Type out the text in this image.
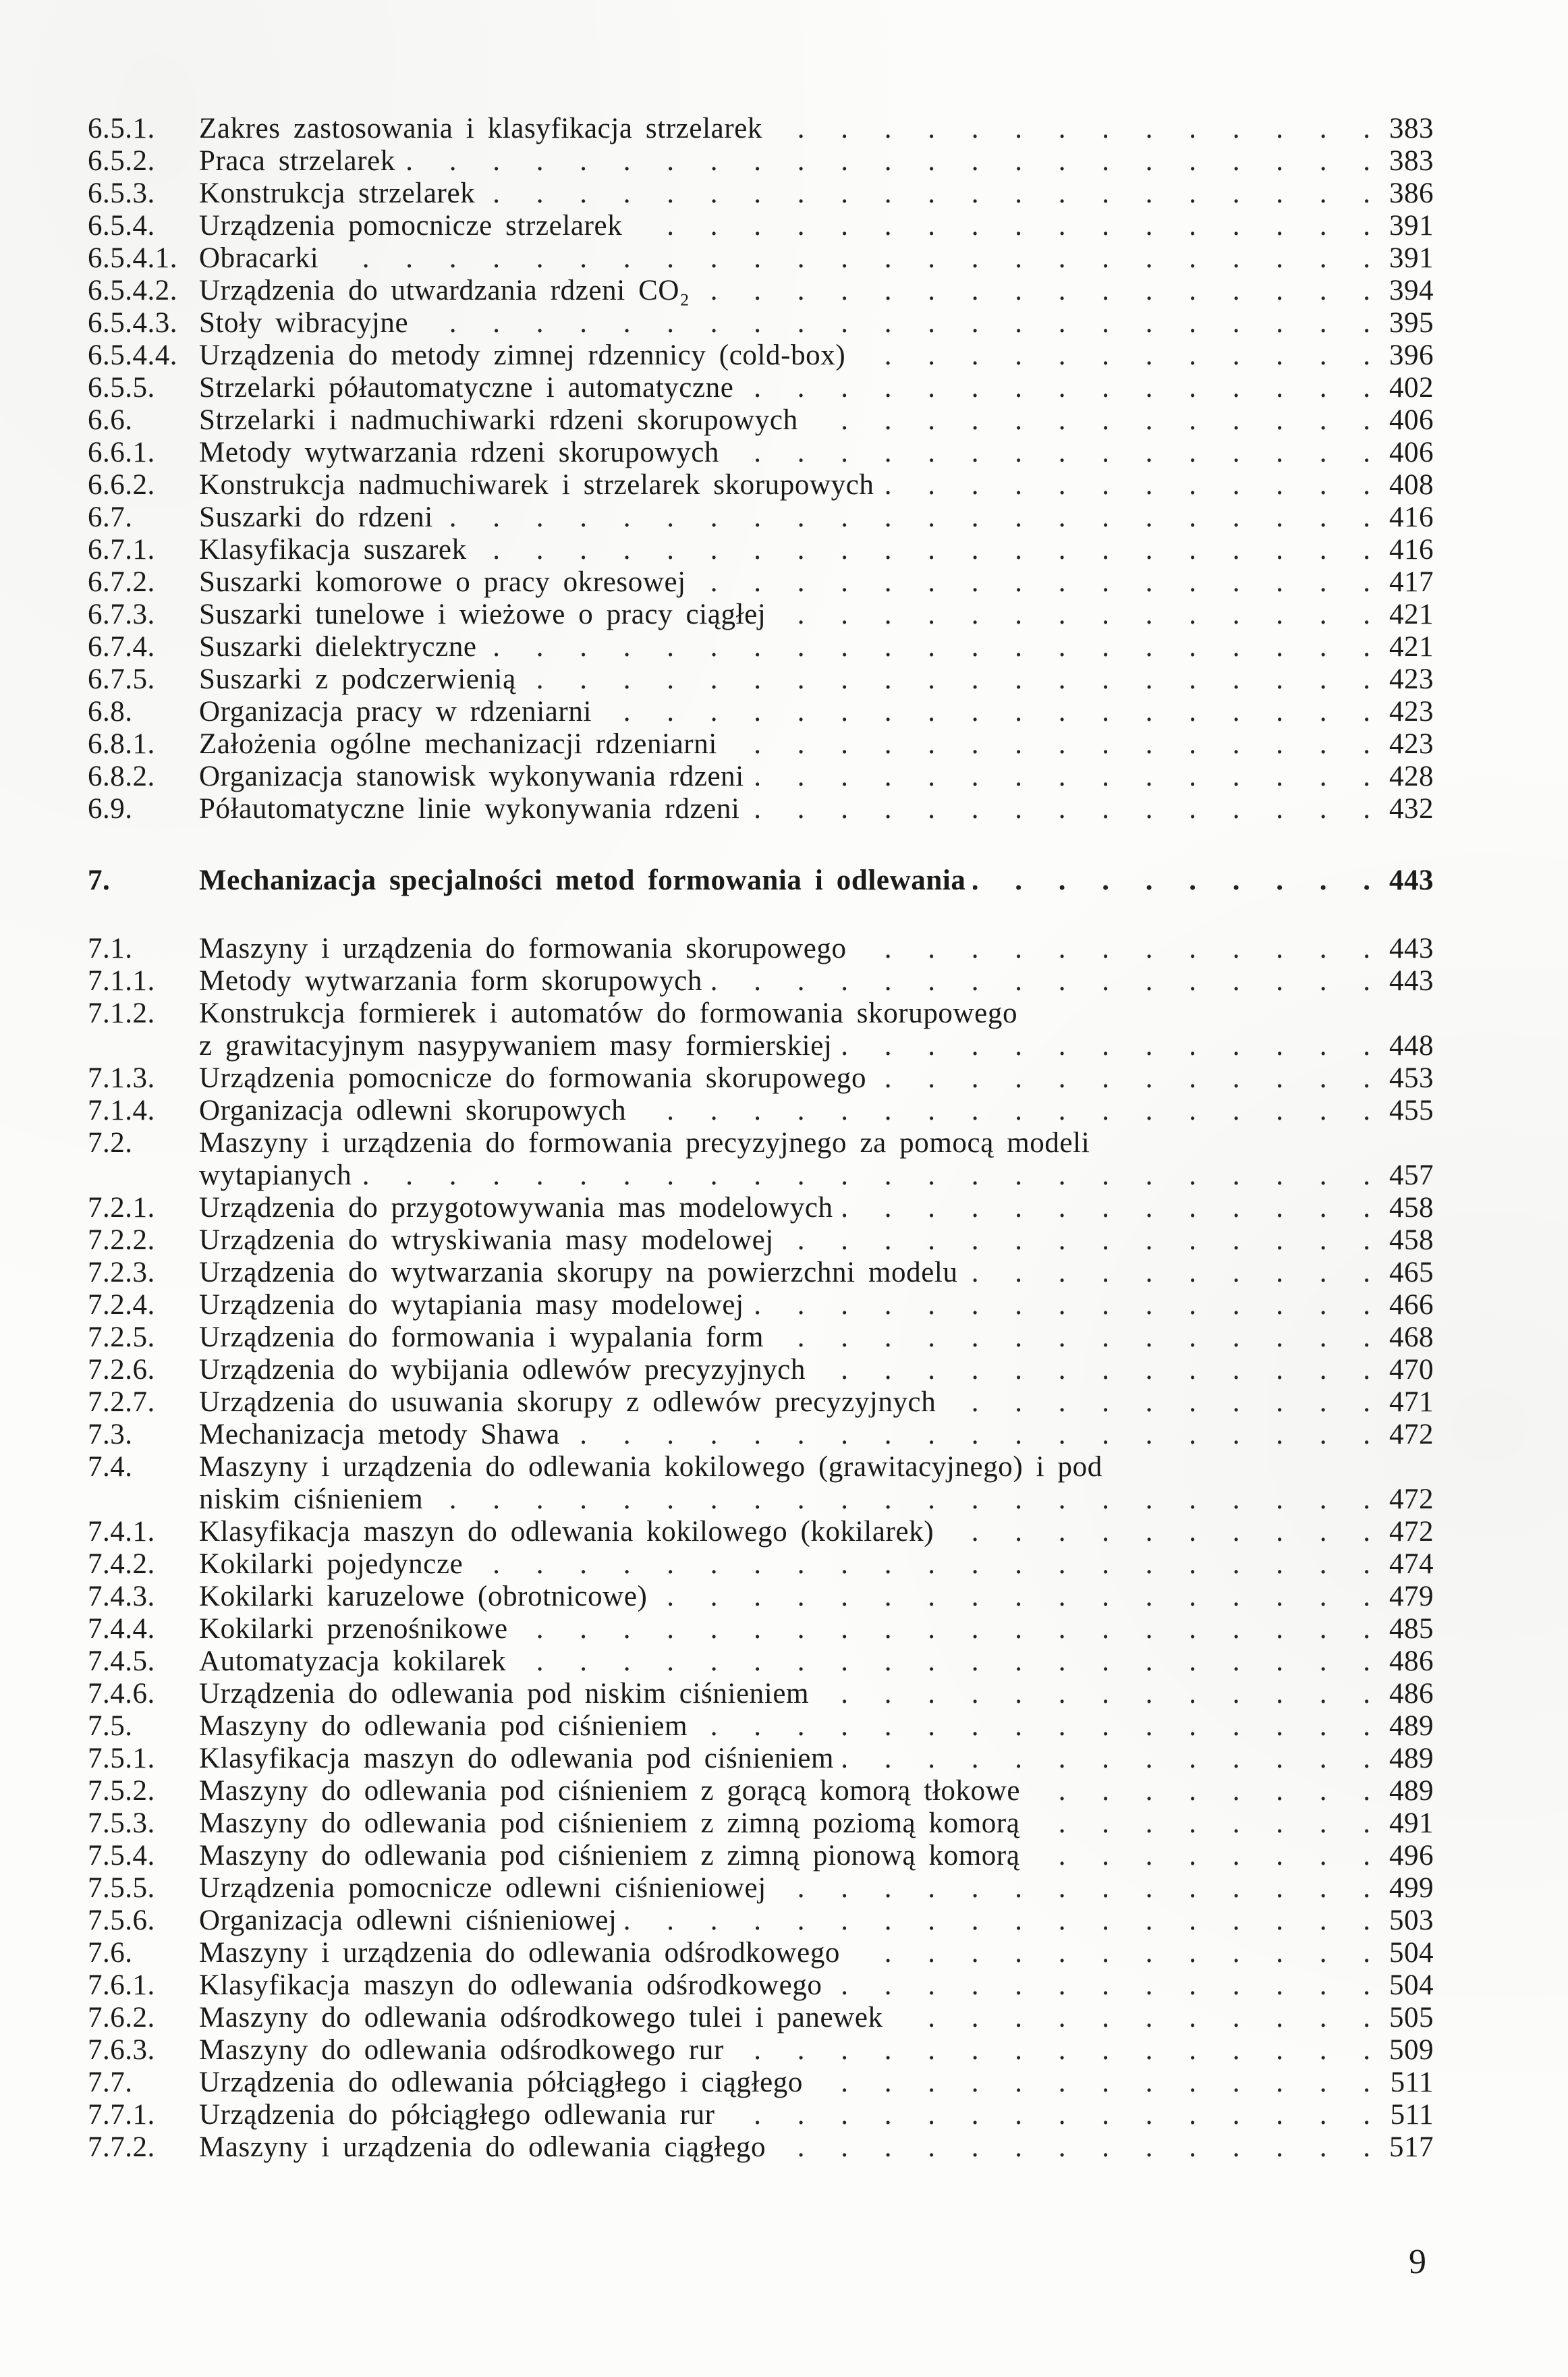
6.5.1.	Zakres zastosowania i klasyfikacja strzelarek .	383
6.5.2.	Praca strzelarek .	383
6.5.3.	Konstrukcja strzelarek .	386
6.5.4.	Urządzenia pomocnicze strzelarek .	391
6.5.4.1. Obracarki .	391
6.5.4.2. Urządzenia do utwardzania rdzeni CO₂ .	394
6.5.4.3. Stoły wibracyjne .	395
6.5.4.4. Urządzenia do metody zimnej rdzennicy (cold-box) .	396
6.5.5.	Strzelarki półautomatyczne i automatyczne .	402
6.6.	Strzelarki i nadmuchiwarki rdzeni skorupowych .	406
6.6.1.	Metody wytwarzania rdzeni skorupowych .	406
6.6.2.	Konstrukcja nadmuchiwarek i strzelarek skorupowych .	408
6.7.	Suszarki do rdzeni .	416
6.7.1.	Klasyfikacja suszarek .	416
6.7.2.	Suszarki komorowe o pracy okresowej .	417
6.7.3.	Suszarki tunelowe i wieżowe o pracy ciągłej .	421
6.7.4.	Suszarki dielektryczne .	421
6.7.5.	Suszarki z podczerwienią .	423
6.8.	Organizacja pracy w rdzeniarni .	423
6.8.1.	Założenia ogólne mechanizacji rdzeniarni .	423
6.8.2.	Organizacja stanowisk wykonywania rdzeni .	428
6.9.	Półautomatyczne linie wykonywania rdzeni .	432
7.	Mechanizacja specjalności metod formowania i odlewania .	443
7.1.	Maszyny i urządzenia do formowania skorupowego .	443
7.1.1.	Metody wytwarzania form skorupowych .	443
7.1.2.	Konstrukcja formierek i automatów do formowania skorupowego
z grawitacyjnym nasypywaniem masy formierskiej .	448
7.1.3.	Urządzenia pomocnicze do formowania skorupowego .	453
7.1.4.	Organizacja odlewni skorupowych .	455
7.2.	Maszyny i urządzenia do formowania precyzyjnego za pomocą modeli
wytapianych .	457
7.2.1.	Urządzenia do przygotowywania mas modelowych .	458
7.2.2.	Urządzenia do wtryskiwania masy modelowej .	458
7.2.3.	Urządzenia do wytwarzania skorupy na powierzchni modelu .	465
7.2.4.	Urządzenia do wytapiania masy modelowej .	466
7.2.5.	Urządzenia do formowania i wypalania form .	468
7.2.6.	Urządzenia do wybijania odlewów precyzyjnych .	470
7.2.7.	Urządzenia do usuwania skorupy z odlewów precyzyjnych .	471
7.3.	Mechanizacja metody Shawa .	472
7.4.	Maszyny i urządzenia do odlewania kokilowego (grawitacyjnego) i pod
niskim ciśnieniem .	472
7.4.1.	Klasyfikacja maszyn do odlewania kokilowego (kokilarek) .	472
7.4.2.	Kokilarki pojedyncze .	474
7.4.3.	Kokilarki karuzelowe (obrotnicowe) .	479
7.4.4.	Kokilarki przenośnikowe .	485
7.4.5.	Automatyzacja kokilarek .	486
7.4.6.	Urządzenia do odlewania pod niskim ciśnieniem .	486
7.5.	Maszyny do odlewania pod ciśnieniem .	489
7.5.1.	Klasyfikacja maszyn do odlewania pod ciśnieniem .	489
7.5.2.	Maszyny do odlewania pod ciśnieniem z gorącą komorą tłokowe .	489
7.5.3.	Maszyny do odlewania pod ciśnieniem z zimną poziomą komorą .	491
7.5.4.	Maszyny do odlewania pod ciśnieniem z zimną pionową komorą .	496
7.5.5.	Urządzenia pomocnicze odlewni ciśnieniowej .	499
7.5.6.	Organizacja odlewni ciśnieniowej .	503
7.6.	Maszyny i urządzenia do odlewania odśrodkowego .	504
7.6.1.	Klasyfikacja maszyn do odlewania odśrodkowego .	504
7.6.2.	Maszyny do odlewania odśrodkowego tulei i panewek .	505
7.6.3.	Maszyny do odlewania odśrodkowego rur .	509
7.7.	Urządzenia do odlewania półciągłego i ciągłego .	511
7.7.1.	Urządzenia do półciągłego odlewania rur .	511
7.7.2.	Maszyny i urządzenia do odlewania ciągłego .	517
9
